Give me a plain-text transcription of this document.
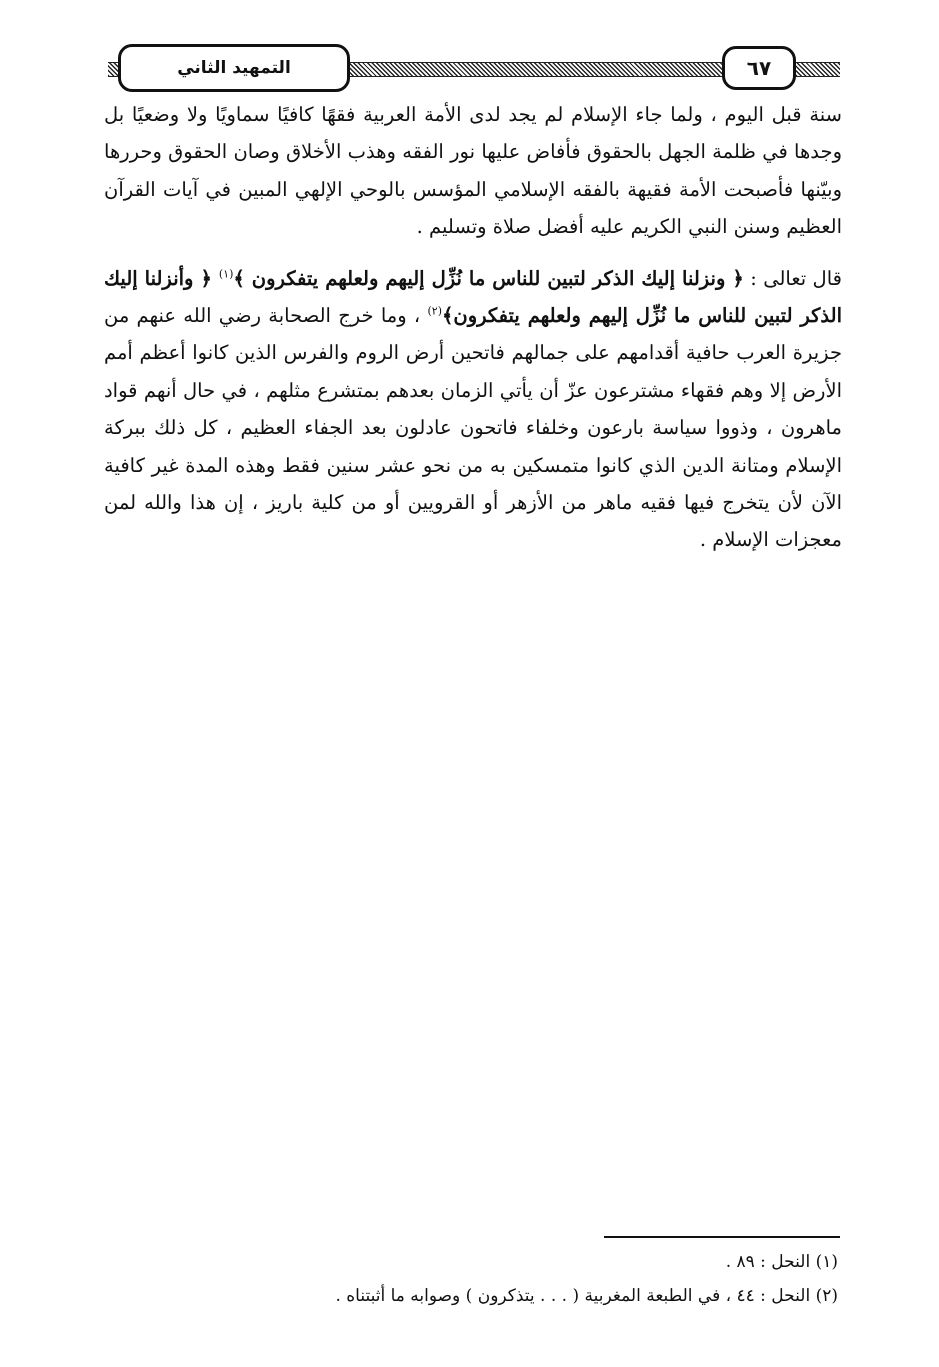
التمهيد الثاني	٦٧

سنة قبل اليوم ، ولما جاء الإسلام لم يجد لدى الأمة العربية فقهًا كافيًا سماويًا ولا وضعيًا بل وجدها في ظلمة الجهل بالحقوق فأفاض عليها نور الفقه وهذب الأخلاق وصان الحقوق وحررها وبيّنها فأصبحت الأمة فقيهة بالفقه الإسلامي المؤسس بالوحي الإلهي المبين في آيات القرآن العظيم وسنن النبي الكريم عليه أفضل صلاة وتسليم .

قال تعالى : ﴿ ونزلنا إليك الذكر لتبين للناس ما نُزِّل إليهم ولعلهم يتفكرون ﴾$^{(١)}$ ﴿ وأنزلنا إليك الذكر لتبين للناس ما نُزِّل إليهم ولعلهم يتفكرون﴾$^{(٢)}$ ، وما خرج الصحابة رضي الله عنهم من جزيرة العرب حافية أقدامهم على جمالهم فاتحين أرض الروم والفرس الذين كانوا أعظم أمم الأرض إلا وهم فقهاء مشترعون عزّ أن يأتي الزمان بعدهم بمتشرع مثلهم ، في حال أنهم قواد ماهرون ، وذووا سياسة بارعون وخلفاء فاتحون عادلون بعد الجفاء العظيم ، كل ذلك ببركة الإسلام ومتانة الدين الذي كانوا متمسكين به من نحو عشر سنين فقط وهذه المدة غير كافية الآن لأن يتخرج فيها فقيه ماهر من الأزهر أو القرويين أو من كلية باريز ، إن هذا والله لمن معجزات الإسلام .

(١) النحل : ٨٩ .

(٢) النحل : ٤٤ ، في الطبعة المغربية ( . . . يتذكرون ) وصوابه ما أثبتناه .
